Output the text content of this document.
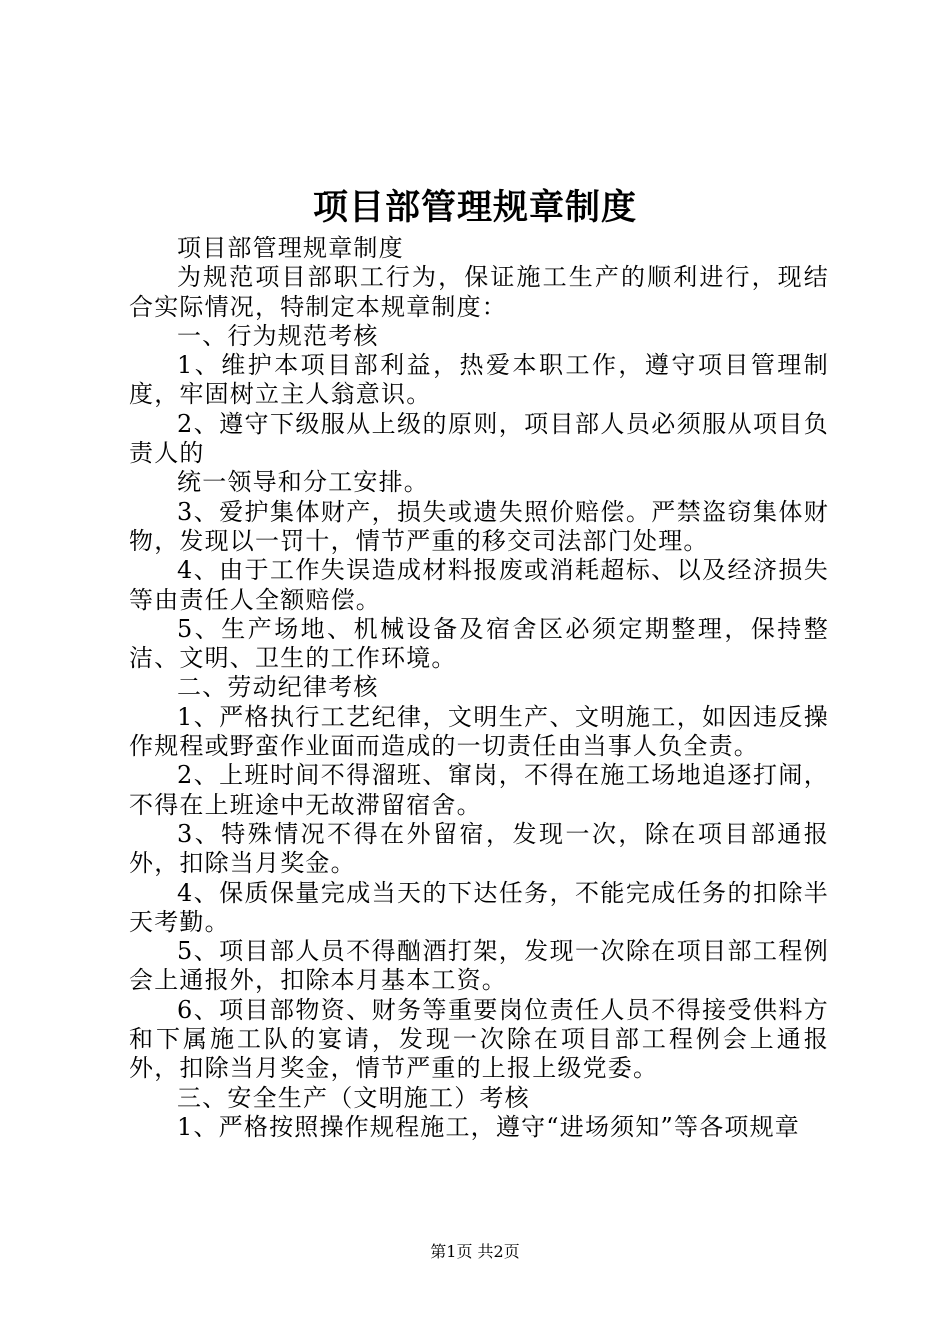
项目部管理规章制度

项目部管理规章制度

为规范项目部职工行为，保证施工生产的顺利进行，现结合实际情况，特制定本规章制度：

一、行为规范考核

1、维护本项目部利益，热爱本职工作，遵守项目管理制度，牢固树立主人翁意识。

2、遵守下级服从上级的原则，项目部人员必须服从项目负责人的

统一领导和分工安排。

3、爱护集体财产，损失或遗失照价赔偿。严禁盗窃集体财物，发现以一罚十，情节严重的移交司法部门处理。

4、由于工作失误造成材料报废或消耗超标、以及经济损失等由责任人全额赔偿。

5、生产场地、机械设备及宿舍区必须定期整理，保持整洁、文明、卫生的工作环境。

二、劳动纪律考核

1、严格执行工艺纪律，文明生产、文明施工，如因违反操作规程或野蛮作业面而造成的一切责任由当事人负全责。

2、上班时间不得溜班、窜岗，不得在施工场地追逐打闹，不得在上班途中无故滞留宿舍。

3、特殊情况不得在外留宿，发现一次，除在项目部通报外，扣除当月奖金。

4、保质保量完成当天的下达任务，不能完成任务的扣除半天考勤。

5、项目部人员不得酗酒打架，发现一次除在项目部工程例会上通报外，扣除本月基本工资。

6、项目部物资、财务等重要岗位责任人员不得接受供料方和下属施工队的宴请，发现一次除在项目部工程例会上通报外，扣除当月奖金，情节严重的上报上级党委。

三、安全生产（文明施工）考核

1、严格按照操作规程施工，遵守“进场须知”等各项规章

第1页 共2页
